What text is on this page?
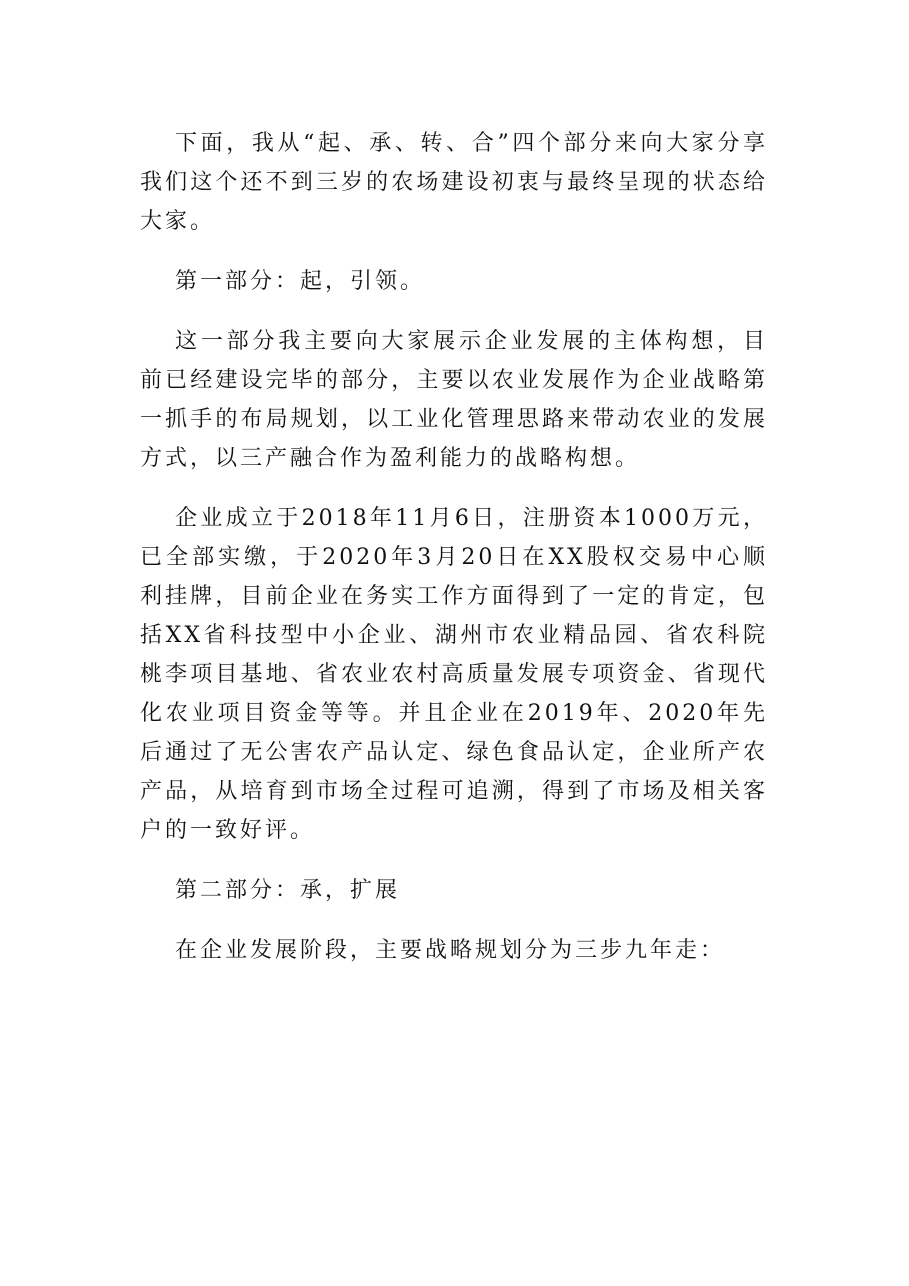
下面，我从“起、承、转、合”四个部分来向大家分享我们这个还不到三岁的农场建设初衷与最终呈现的状态给大家。

第一部分：起，引领。

这一部分我主要向大家展示企业发展的主体构想，目前已经建设完毕的部分，主要以农业发展作为企业战略第一抓手的布局规划，以工业化管理思路来带动农业的发展方式，以三产融合作为盈利能力的战略构想。

企业成立于2018年11月6日，注册资本1000万元，已全部实缴，于2020年3月20日在XX股权交易中心顺利挂牌，目前企业在务实工作方面得到了一定的肯定，包括XX省科技型中小企业、湖州市农业精品园、省农科院桃李项目基地、省农业农村高质量发展专项资金、省现代化农业项目资金等等。并且企业在2019年、2020年先后通过了无公害农产品认定、绿色食品认定，企业所产农产品，从培育到市场全过程可追溯，得到了市场及相关客户的一致好评。

第二部分：承，扩展

在企业发展阶段，主要战略规划分为三步九年走：
